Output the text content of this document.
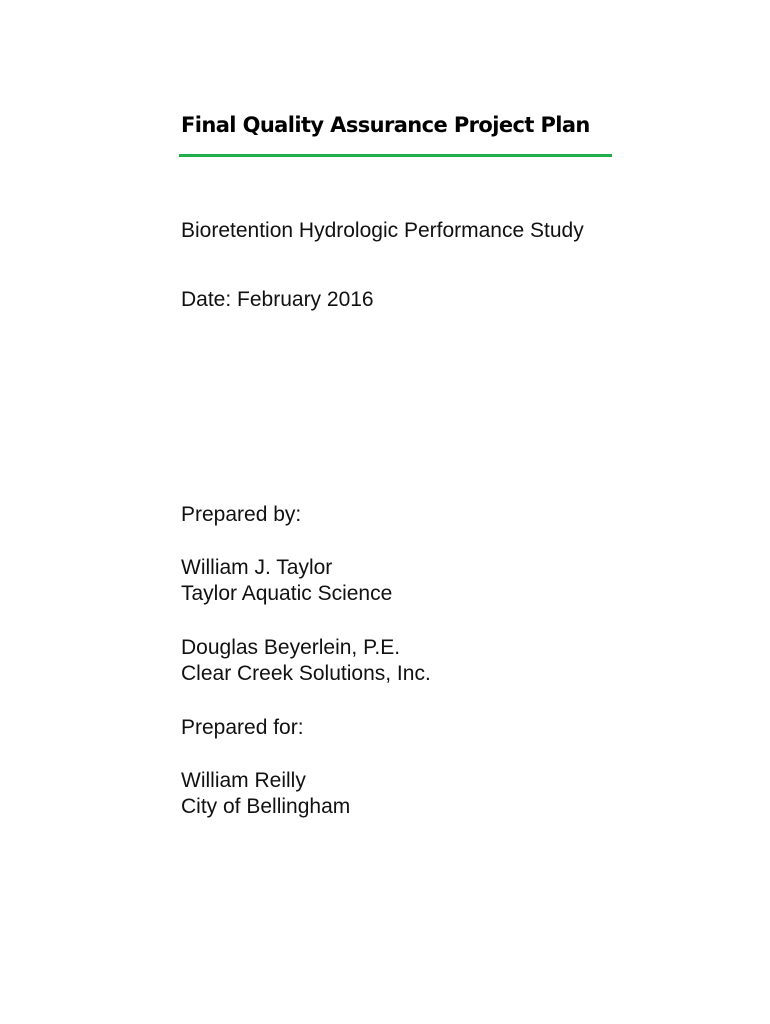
Final Quality Assurance Project Plan
Bioretention Hydrologic Performance Study
Date: February 2016
Prepared by:
William J. Taylor
Taylor Aquatic Science
Douglas Beyerlein, P.E.
Clear Creek Solutions, Inc.
Prepared for:
William Reilly
City of Bellingham
